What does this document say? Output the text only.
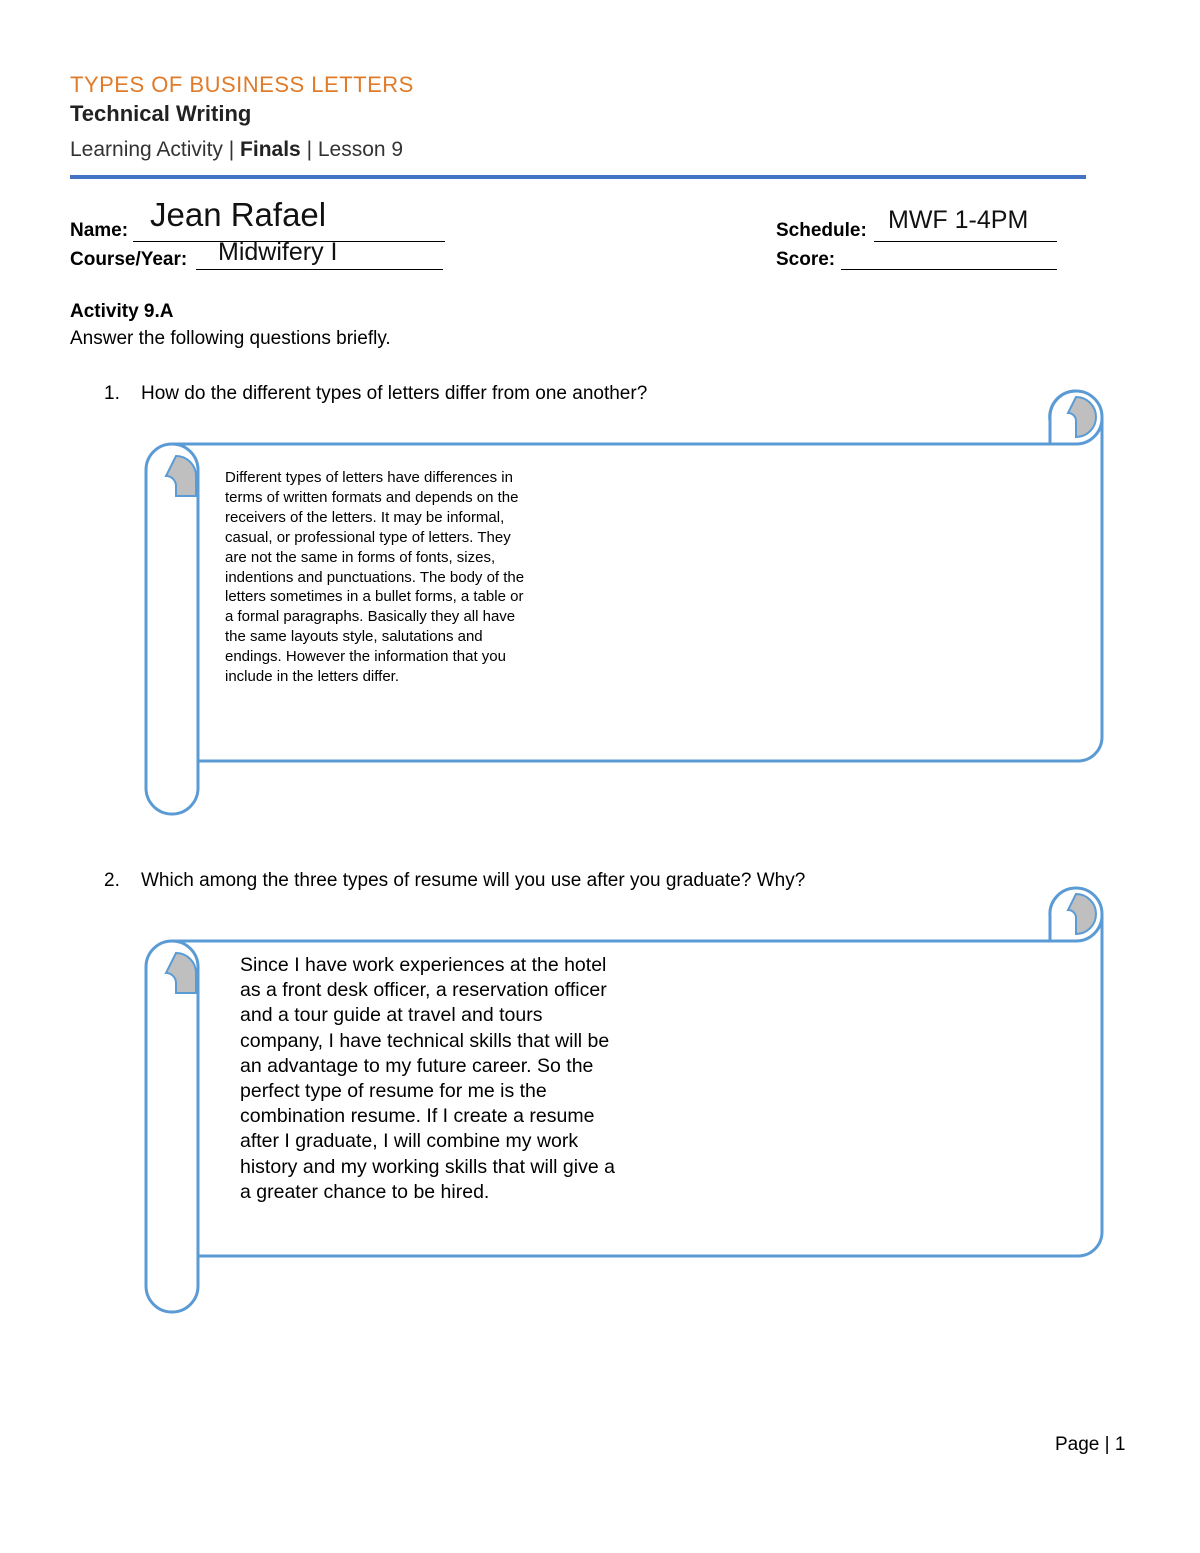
TYPES OF BUSINESS LETTERS
Technical Writing
Learning Activity | Finals | Lesson 9
Name: Jean Rafael
Course/Year: Midwifery I
Schedule: MWF 1-4PM
Score:
Activity 9.A
Answer the following questions briefly.
1. How do the different types of letters differ from one another?
2. Which among the three types of resume will you use after you graduate? Why?
Different types of letters have differences in terms of written formats and depends on the receivers of the letters. It may be informal, casual, or professional type of letters. They are not the same in forms of fonts, sizes, indentions and punctuations. The body of the letters sometimes in a bullet forms, a table or a formal paragraphs. Basically they all have the same layouts style, salutations and endings. However the information that you include in the letters differ.
Since I have work experiences at the hotel as a front desk officer, a reservation officer and a tour guide at travel and tours company, I have technical skills that will be an advantage to my future career. So the perfect type of resume for me is the combination resume. If I create a resume after I graduate, I will combine my work history and my working skills that will give a a greater chance to be hired.
Page | 1
